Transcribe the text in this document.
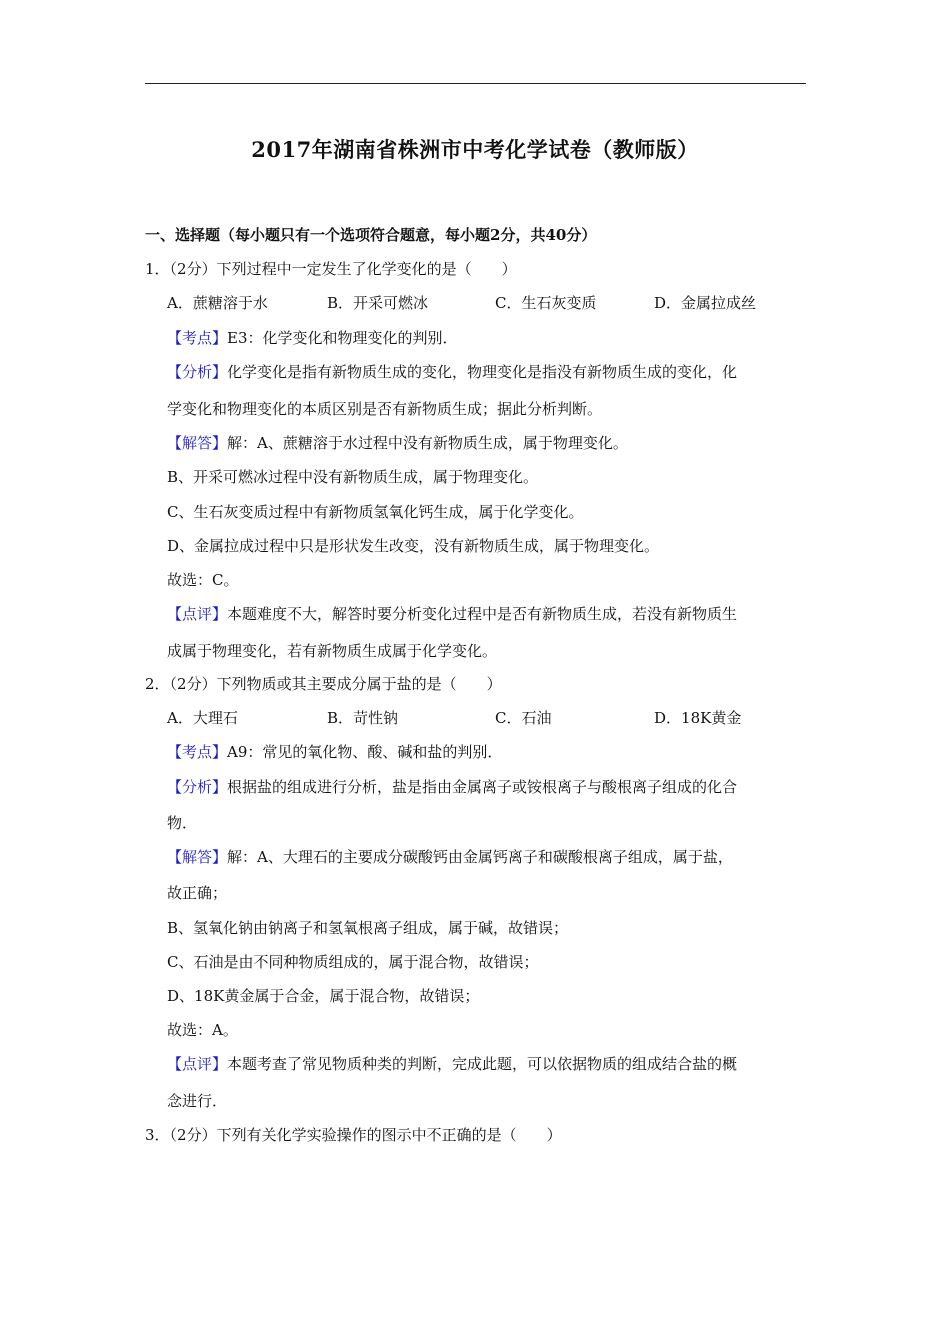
2017年湖南省株洲市中考化学试卷（教师版）
一、选择题（每小题只有一个选项符合题意，每小题2分，共40分）
1．（2分）下列过程中一定发生了化学变化的是（　　）
A．蔗糖溶于水	B．开采可燃冰	C．生石灰变质	D．金属拉成丝
【考点】E3：化学变化和物理变化的判别．
【分析】化学变化是指有新物质生成的变化，物理变化是指没有新物质生成的变化，化
学变化和物理变化的本质区别是否有新物质生成；据此分析判断。
【解答】解：A、蔗糖溶于水过程中没有新物质生成，属于物理变化。
B、开采可燃冰过程中没有新物质生成，属于物理变化。
C、生石灰变质过程中有新物质氢氧化钙生成，属于化学变化。
D、金属拉成过程中只是形状发生改变，没有新物质生成，属于物理变化。
故选：C。
【点评】本题难度不大，解答时要分析变化过程中是否有新物质生成，若没有新物质生
成属于物理变化，若有新物质生成属于化学变化。
2．（2分）下列物质或其主要成分属于盐的是（　　）
A．大理石	B．苛性钠	C．石油	D．18K黄金
【考点】A9：常见的氧化物、酸、碱和盐的判别．
【分析】根据盐的组成进行分析，盐是指由金属离子或铵根离子与酸根离子组成的化合
物．
【解答】解：A、大理石的主要成分碳酸钙由金属钙离子和碳酸根离子组成，属于盐，
故正确；
B、氢氧化钠由钠离子和氢氧根离子组成，属于碱，故错误；
C、石油是由不同种物质组成的，属于混合物，故错误；
D、18K黄金属于合金，属于混合物，故错误；
故选：A。
【点评】本题考查了常见物质种类的判断，完成此题，可以依据物质的组成结合盐的概
念进行．
3．（2分）下列有关化学实验操作的图示中不正确的是（　　）
